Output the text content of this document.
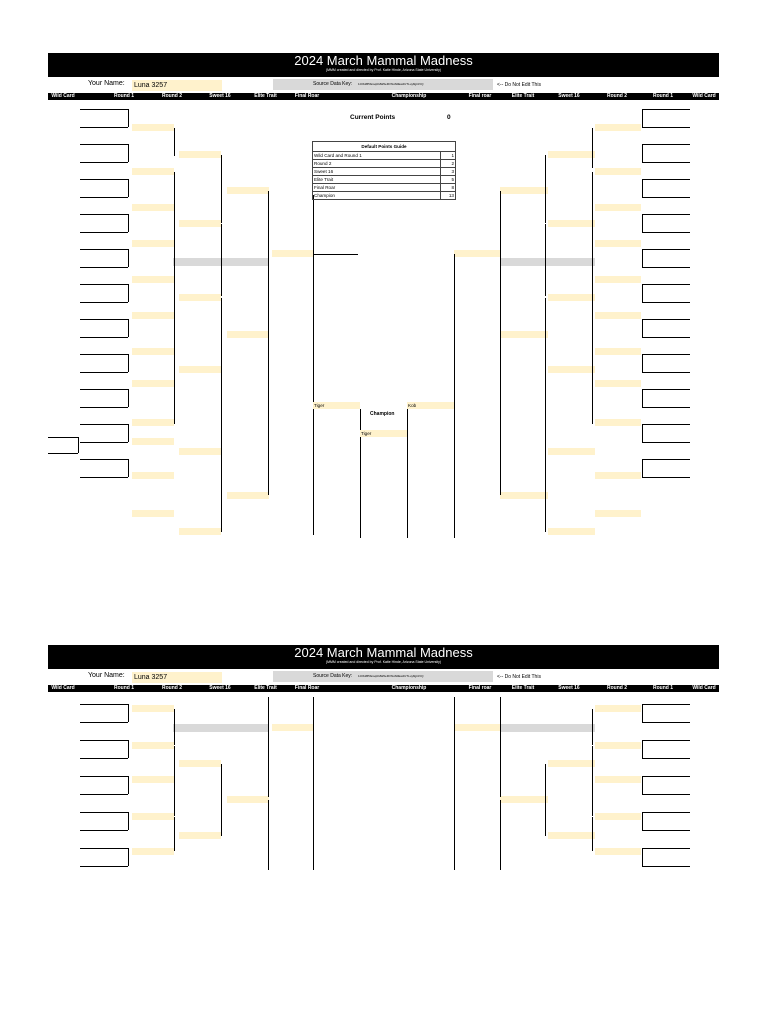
2024 March Mammal Madness
(MMM created and directed by Prof. Katie Hinde, Arizona State University)
Your Name: Luna 3257	Source Data Key: 1z0b1B5bnsqt0dW6eFhWuS0EwdUTLuy8gCiVQ	<-- Do Not Edit This
Wild Card	Round 1	Round 2	Sweet 16	Elite Trait	Final Roar	Championship	Final roar	Elite Trait	Sweet 16	Round 2	Round 1	Wild Card
Current Points	0
Default Points Guide	
Wild Card and Round 1	1
Round 2	2
Sweet 16	3
Elite Trait	5
Final Roar	8
Champion	13
Champion
Tiger
Tiger	Kob
2024 March Mammal Madness
(MMM created and directed by Prof. Katie Hinde, Arizona State University)
Your Name: Luna 3257	Source Data Key: 1z0b1B5bnsqt0dW6eFhWuS0EwdUTLuy8gCiVQ	<-- Do Not Edit This
Wild Card	Round 1	Round 2	Sweet 16	Elite Trait	Final Roar	Championship	Final roar	Elite Trait	Sweet 16	Round 2	Round 1	Wild Card
